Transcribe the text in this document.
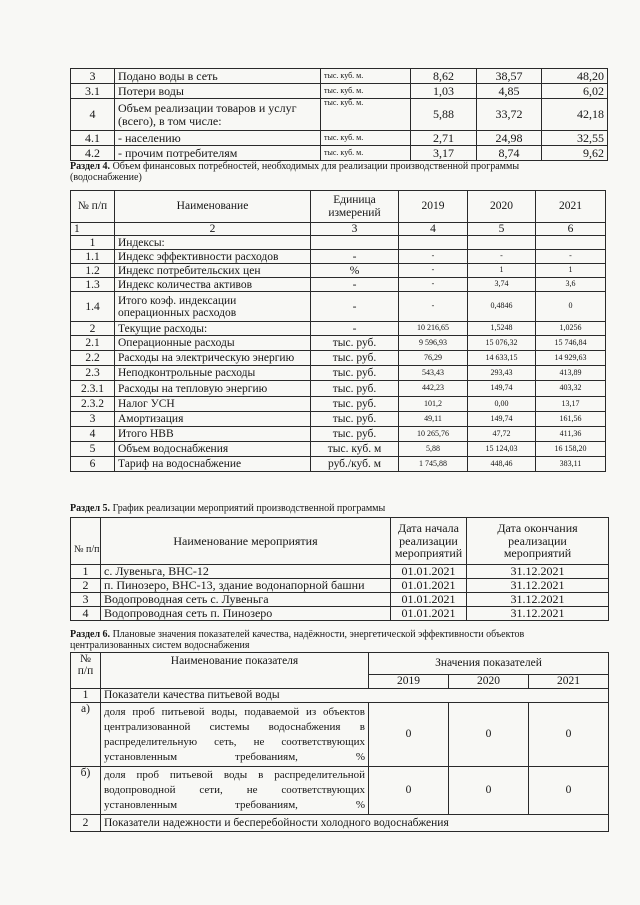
3	Подано воды в сеть	тыс. куб. м.	8,62	38,57	48,20
3.1	Потери воды	тыс. куб. м.	1,03	4,85	6,02
4	Объем реализации товаров и услуг (всего), в том числе:	тыс. куб. м.	5,88	33,72	42,18
4.1	- населению	тыс. куб. м.	2,71	24,98	32,55
4.2	- прочим потребителям	тыс. куб. м.	3,17	8,74	9,62
Раздел 4. Объем финансовых потребностей, необходимых для реализации производственной программы
(водоснабжение)
№ п/п	Наименование	Единица измерений	2019	2020	2021
1	2	3	4	5	6
1	Индексы:				
1.1	Индекс эффективности расходов	-	-	-	-
1.2	Индекс потребительских цен	%	-	1	1
1.3	Индекс количества активов	-	-	3,74	3,6
1.4	Итого коэф. индексации операционных расходов	-	-	0,4846	0
2	Текущие расходы:	-	10 216,65	1,5248	1,0256
2.1	Операционные расходы	тыс. руб.	9 596,93	15 076,32	15 746,84
2.2	Расходы на электрическую энергию	тыс. руб.	76,29	14 633,15	14 929,63
2.3	Неподконтрольные расходы	тыс. руб.	543,43	293,43	413,89
2.3.1	Расходы на тепловую энергию	тыс. руб.	442,23	149,74	403,32
2.3.2	Налог УСН	тыс. руб.	101,2	0,00	13,17
3	Амортизация	тыс. руб.	49,11	149,74	161,56
4	Итого НВВ	тыс. руб.	10 265,76	47,72	411,36
5	Объем водоснабжения	тыс. куб. м	5,88	15 124,03	16 158,20
6	Тариф на водоснабжение	руб./куб. м	1 745,88	448,46	383,11
Раздел 5. График реализации мероприятий производственной программы
№ п/п	Наименование мероприятия	Дата начала реализации мероприятий	Дата окончания реализации мероприятий
1	с. Лувеньга, ВНС-12	01.01.2021	31.12.2021
2	п. Пинозеро, ВНС-13, здание водонапорной башни	01.01.2021	31.12.2021
3	Водопроводная сеть с. Лувеньга	01.01.2021	31.12.2021
4	Водопроводная сеть п. Пинозеро	01.01.2021	31.12.2021
Раздел 6. Плановые значения показателей качества, надёжности, энергетической эффективности объектов
централизованных систем водоснабжения
№ п/п	Наименование показателя	Значения показателей		
		2019	2020	2021
1	Показатели качества питьевой воды			
а)	доля проб питьевой воды, подаваемой из объектов централизованной системы водоснабжения в распределительную сеть, не соответствующих установленным требованиям, %	0	0	0
б)	доля проб питьевой воды в распределительной водопроводной сети, не соответствующих установленным требованиям, %	0	0	0
2	Показатели надежности и бесперебойности холодного водоснабжения			
